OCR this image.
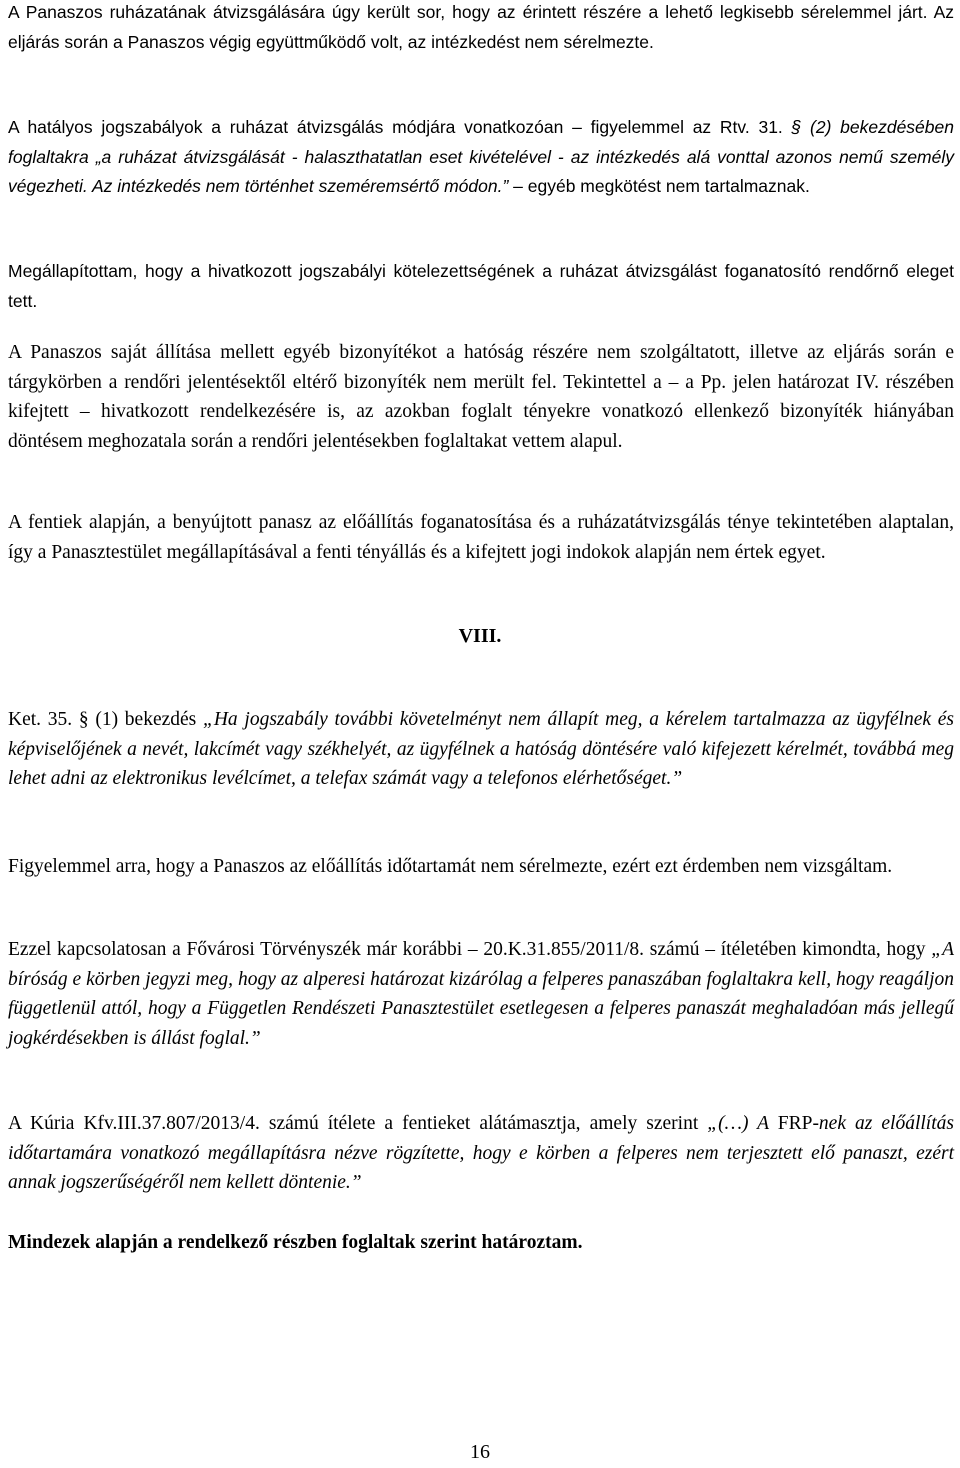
A Panaszos ruházatának átvizsgálására úgy került sor, hogy az érintett részére a lehető legkisebb sérelemmel járt. Az eljárás során a Panaszos végig együttműködő volt, az intézkedést nem sérelmezte.

A hatályos jogszabályok a ruházat átvizsgálás módjára vonatkozóan – figyelemmel az Rtv. 31. § (2) bekezdésében foglaltakra „a ruházat átvizsgálását - halaszthatatlan eset kivételével - az intézkedés alá vonttal azonos nemű személy végezheti. Az intézkedés nem történhet szeméremsértő módon.” – egyéb megkötést nem tartalmaznak.

Megállapítottam, hogy a hivatkozott jogszabályi kötelezettségének a ruházat átvizsgálást foganatosító rendőrnő eleget tett.

A Panaszos saját állítása mellett egyéb bizonyítékot a hatóság részére nem szolgáltatott, illetve az eljárás során e tárgykörben a rendőri jelentésektől eltérő bizonyíték nem merült fel. Tekintettel a – a Pp. jelen határozat IV. részében kifejtett – hivatkozott rendelkezésére is, az azokban foglalt tényekre vonatkozó ellenkező bizonyíték hiányában döntésem meghozatala során a rendőri jelentésekben foglaltakat vettem alapul.

A fentiek alapján, a benyújtott panasz az előállítás foganatosítása és a ruházatátvizsgálás ténye tekintetében alaptalan, így a Panasztestület megállapításával a fenti tényállás és a kifejtett jogi indokok alapján nem értek egyet.

VIII.

Ket. 35. § (1) bekezdés „Ha jogszabály további követelményt nem állapít meg, a kérelem tartalmazza az ügyfélnek és képviselőjének a nevét, lakcímét vagy székhelyét, az ügyfélnek a hatóság döntésére való kifejezett kérelmét, továbbá meg lehet adni az elektronikus levélcímet, a telefax számát vagy a telefonos elérhetőséget.”

Figyelemmel arra, hogy a Panaszos az előállítás időtartamát nem sérelmezte, ezért ezt érdemben nem vizsgáltam.

Ezzel kapcsolatosan a Fővárosi Törvényszék már korábbi – 20.K.31.855/2011/8. számú – ítéletében kimondta, hogy „A bíróság e körben jegyzi meg, hogy az alperesi határozat kizárólag a felperes panaszában foglaltakra kell, hogy reagáljon függetlenül attól, hogy a Független Rendészeti Panasztestület esetlegesen a felperes panaszát meghaladóan más jellegű jogkérdésekben is állást foglal.”

A Kúria Kfv.III.37.807/2013/4. számú ítélete a fentieket alátámasztja, amely szerint „(…) A FRP-nek az előállítás időtartamára vonatkozó megállapításra nézve rögzítette, hogy e körben a felperes nem terjesztett elő panaszt, ezért annak jogszerűségéről nem kellett döntenie.”

Mindezek alapján a rendelkező részben foglaltak szerint határoztam.

16
